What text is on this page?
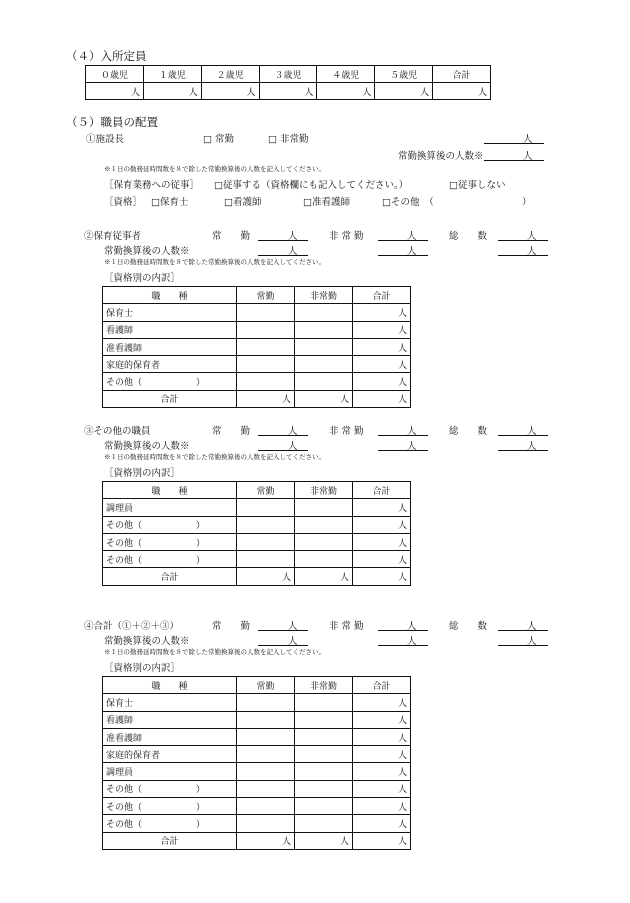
（４）入所定員
０歳児	１歳児	２歳児	３歳児	４歳児	５歳児	合計
人	人	人	人	人	人	人
（５）職員の配置
①施設長	□ 常勤	□ 非常勤	人
常勤換算後の人数※	人
※１日の勤務延時間数を８で除した常勤換算後の人数を記入してください。
［保育業務への従事］ □従事する（資格欄にも記入してください。）	□従事しない
［資格］ □保育士	□看護師	□准看護師	□その他　（	）
②保育従事者	常　　勤	人	非 常 勤	人	総　　数	人
常勤換算後の人数※	人	人	人
※１日の勤務延時間数を８で除した常勤換算後の人数を記入してください。
［資格別の内訳］
職　　種	常勤	非常勤	合計
保育士			人
看護師			人
准看護師			人
家庭的保育者			人
その他（　　　　　　）			人
合計	人	人	人
③その他の職員	常　　勤	人	非 常 勤	人	総　　数	人
常勤換算後の人数※	人	人	人
※１日の勤務延時間数を８で除した常勤換算後の人数を記入してください。
［資格別の内訳］
職　　種	常勤	非常勤	合計
調理員			人
その他（　　　　　　）			人
その他（　　　　　　）			人
その他（　　　　　　）			人
合計	人	人	人
④合計（①＋②＋③）	常　　勤	人	非 常 勤	人	総　　数	人
常勤換算後の人数※	人	人	人
※１日の勤務延時間数を８で除した常勤換算後の人数を記入してください。
［資格別の内訳］
職　　種	常勤	非常勤	合計
保育士			人
看護師			人
准看護師			人
家庭的保育者			人
調理員			人
その他（　　　　　　）			人
その他（　　　　　　）			人
その他（　　　　　　）			人
合計	人	人	人
